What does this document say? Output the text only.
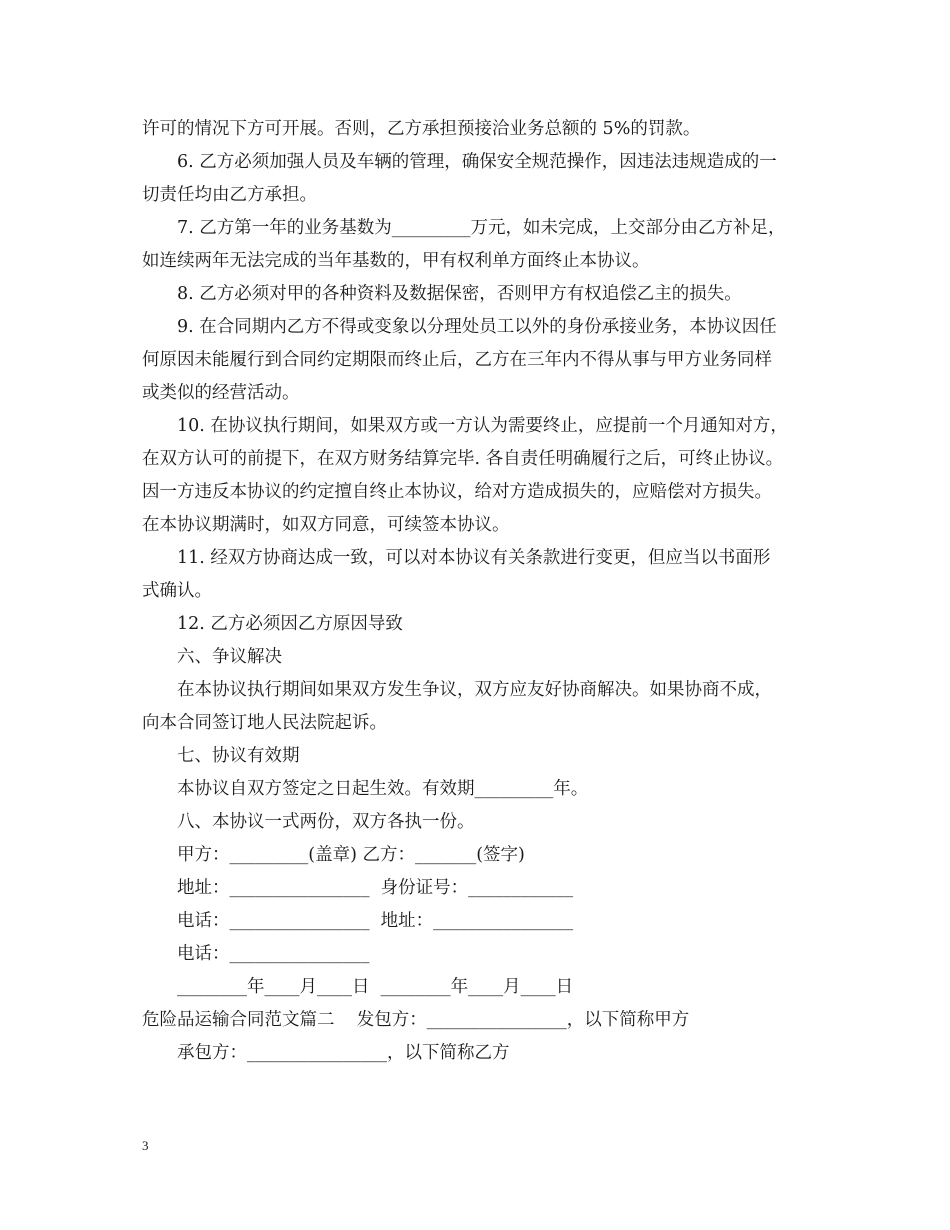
许可的情况下方可开展。否则，乙方承担预接洽业务总额的 5%的罚款。
6. 乙方必须加强人员及车辆的管理，确保安全规范操作，因违法违规造成的一
切责任均由乙方承担。
7. 乙方第一年的业务基数为_________万元，如未完成，上交部分由乙方补足，
如连续两年无法完成的当年基数的，甲有权利单方面终止本协议。
8. 乙方必须对甲的各种资料及数据保密，否则甲方有权追偿乙主的损失。
9. 在合同期内乙方不得或变象以分理处员工以外的身份承接业务，本协议因任
何原因未能履行到合同约定期限而终止后，乙方在三年内不得从事与甲方业务同样
或类似的经营活动。
10. 在协议执行期间，如果双方或一方认为需要终止，应提前一个月通知对方，
在双方认可的前提下，在双方财务结算完毕. 各自责任明确履行之后，可终止协议。
因一方违反本协议的约定擅自终止本协议，给对方造成损失的，应赔偿对方损失。
在本协议期满时，如双方同意，可续签本协议。
11. 经双方协商达成一致，可以对本协议有关条款进行变更，但应当以书面形
式确认。
12. 乙方必须因乙方原因导致
六、争议解决
在本协议执行期间如果双方发生争议，双方应友好协商解决。如果协商不成，
向本合同签订地人民法院起诉。
七、协议有效期
本协议自双方签定之日起生效。有效期_________年。
八、本协议一式两份，双方各执一份。
甲方：_________(盖章) 乙方：_______(签字)
地址：________________  身份证号：____________
电话：________________  地址：________________
电话：________________
________年____月____日  ________年____月____日
危险品运输合同范文篇二    发包方：________________，以下简称甲方
承包方：________________，以下简称乙方
3
